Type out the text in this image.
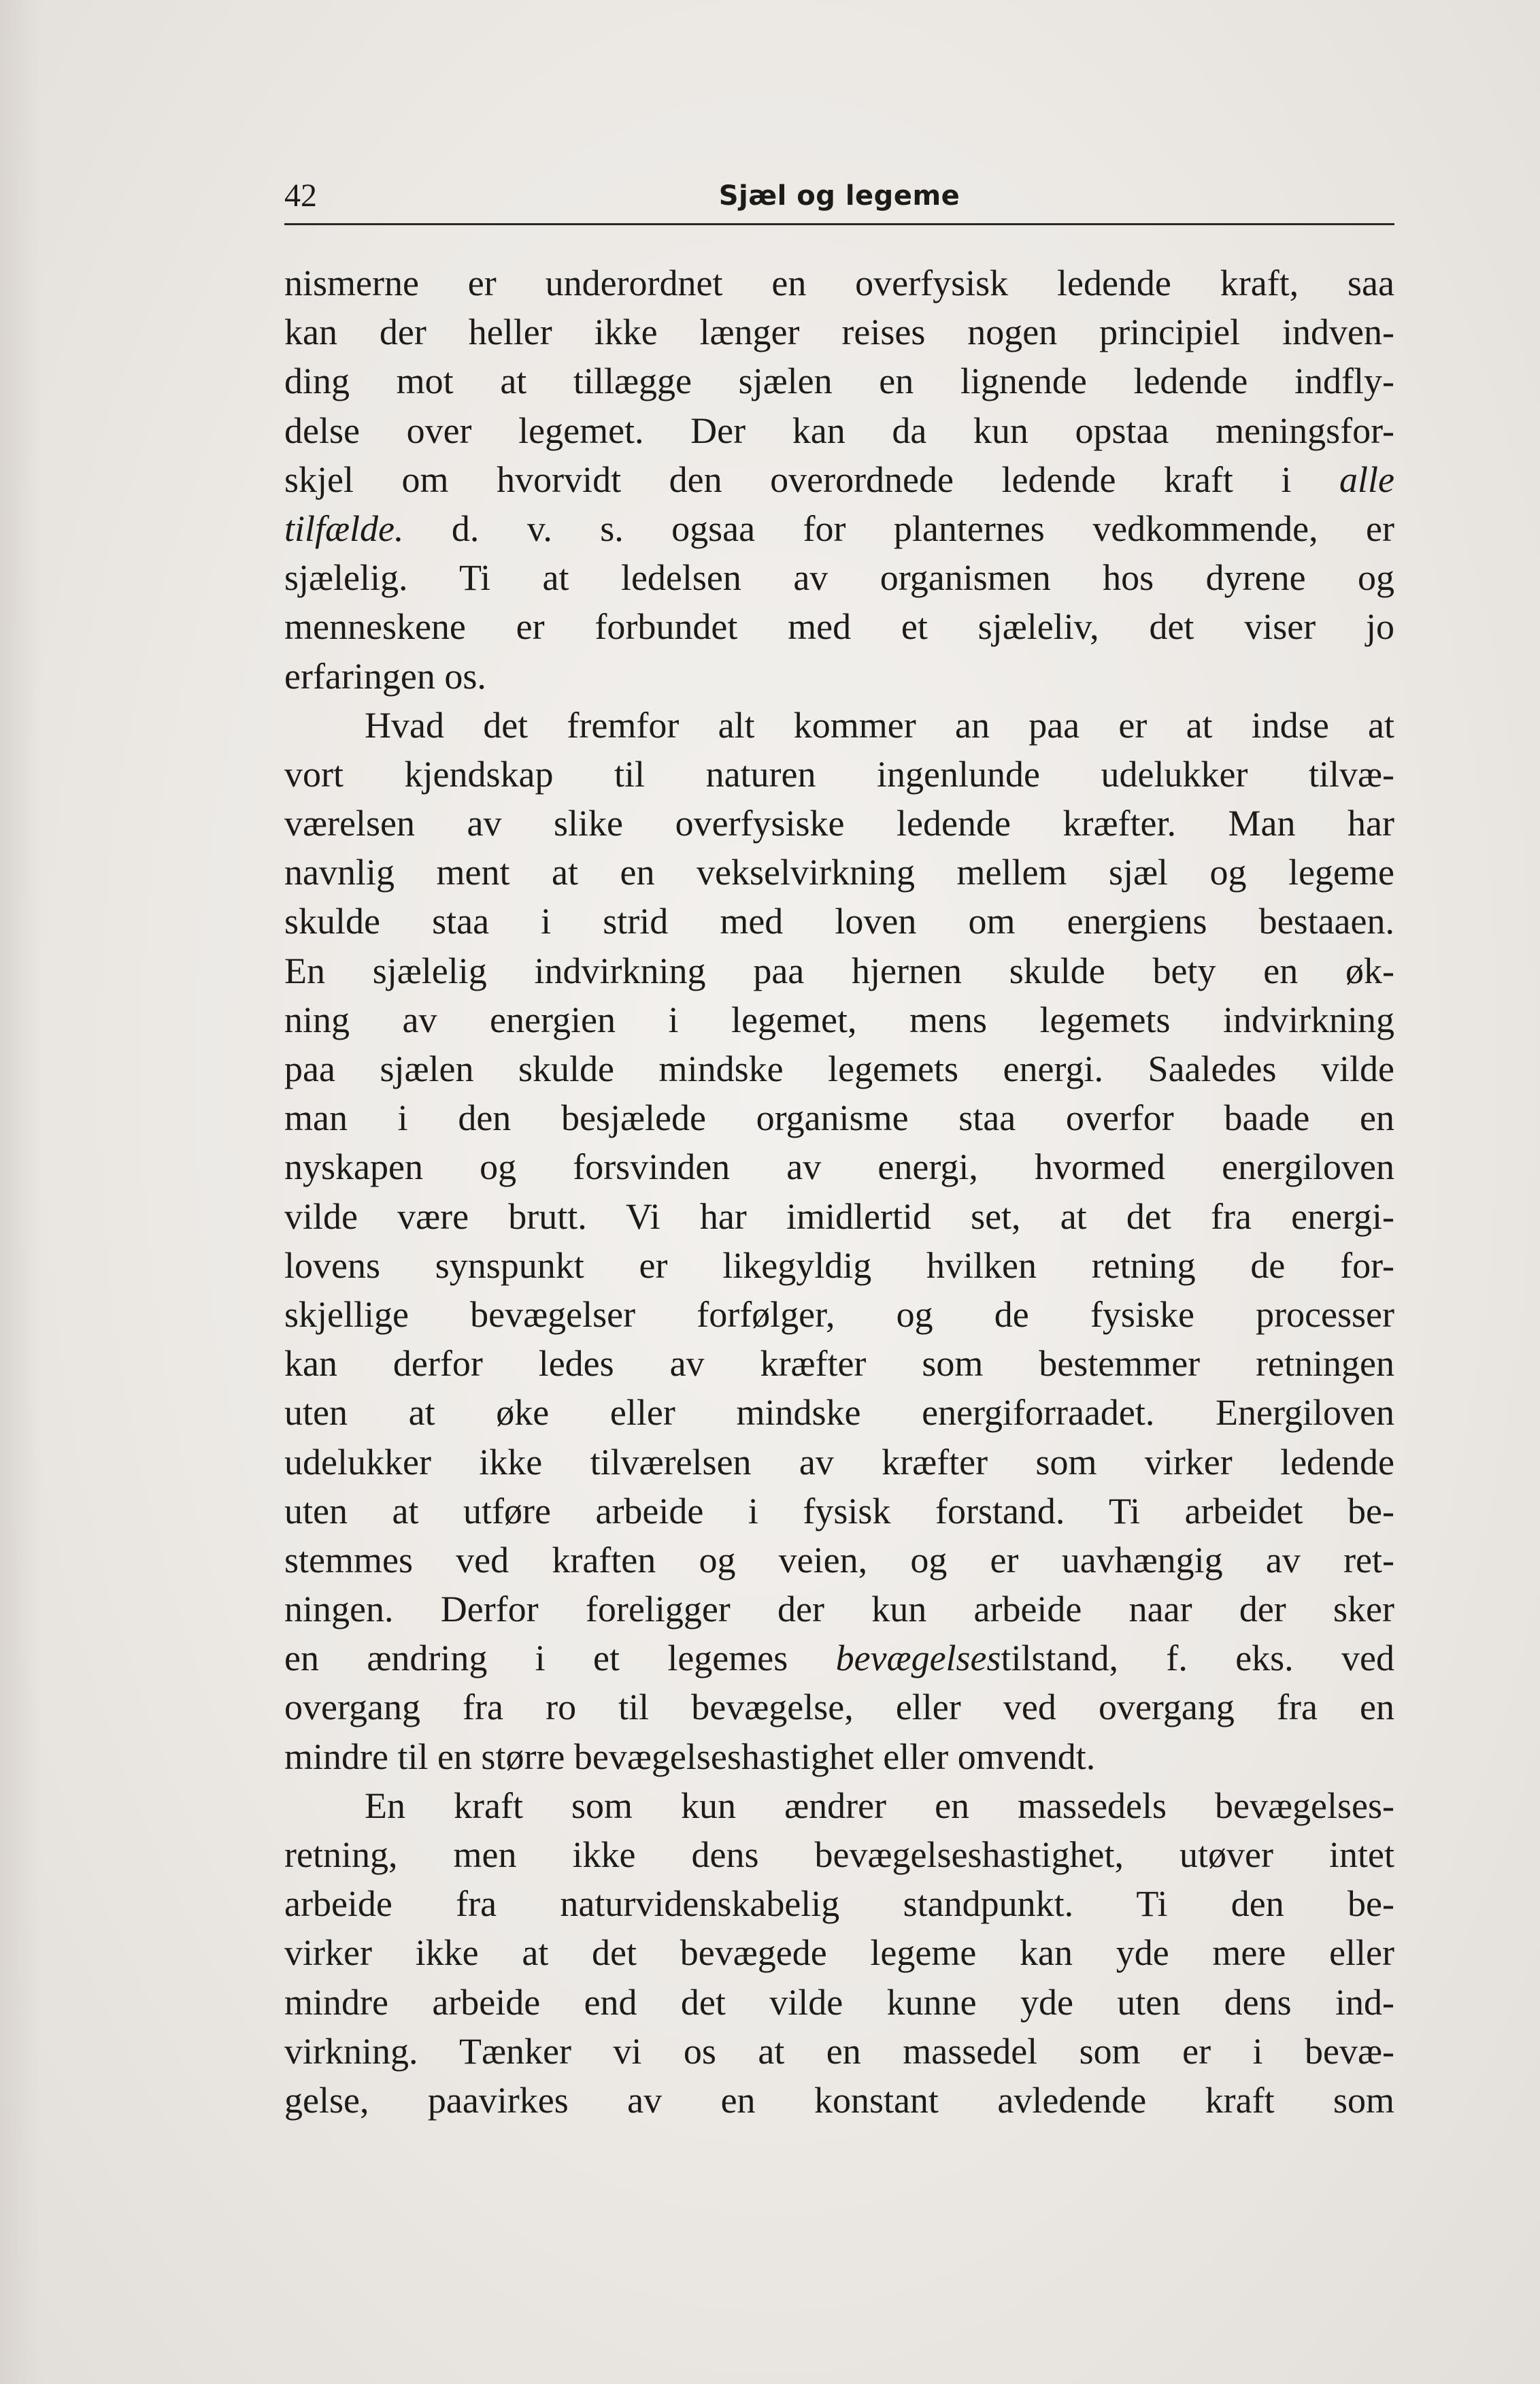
42	Sjæl og legeme
nismerne er underordnet en overfysisk ledende kraft, saa
kan der heller ikke længer reises nogen principiel indven-
ding mot at tillægge sjælen en lignende ledende indfly-
delse over legemet. Der kan da kun opstaa meningsfor-
skjel om hvorvidt den overordnede ledende kraft i alle
tilfælde. d. v. s. ogsaa for planternes vedkommende, er
sjælelig. Ti at ledelsen av organismen hos dyrene og
menneskene er forbundet med et sjæleliv, det viser jo
erfaringen os.
Hvad det fremfor alt kommer an paa er at indse at
vort kjendskap til naturen ingenlunde udelukker tilvæ-
værelsen av slike overfysiske ledende kræfter. Man har
navnlig ment at en vekselvirkning mellem sjæl og legeme
skulde staa i strid med loven om energiens bestaaen.
En sjælelig indvirkning paa hjernen skulde bety en øk-
ning av energien i legemet, mens legemets indvirkning
paa sjælen skulde mindske legemets energi. Saaledes vilde
man i den besjælede organisme staa overfor baade en
nyskapen og forsvinden av energi, hvormed energiloven
vilde være brutt. Vi har imidlertid set, at det fra energi-
lovens synspunkt er likegyldig hvilken retning de for-
skjellige bevægelser forfølger, og de fysiske processer
kan derfor ledes av kræfter som bestemmer retningen
uten at øke eller mindske energiforraadet. Energiloven
udelukker ikke tilværelsen av kræfter som virker ledende
uten at utføre arbeide i fysisk forstand. Ti arbeidet be-
stemmes ved kraften og veien, og er uavhængig av ret-
ningen. Derfor foreligger der kun arbeide naar der sker
en ændring i et legemes bevægelsestilstand, f. eks. ved
overgang fra ro til bevægelse, eller ved overgang fra en
mindre til en større bevægelseshastighet eller omvendt.
En kraft som kun ændrer en massedels bevægelses-
retning, men ikke dens bevægelseshastighet, utøver intet
arbeide fra naturvidenskabelig standpunkt. Ti den be-
virker ikke at det bevægede legeme kan yde mere eller
mindre arbeide end det vilde kunne yde uten dens ind-
virkning. Tænker vi os at en massedel som er i bevæ-
gelse, paavirkes av en konstant avledende kraft som
